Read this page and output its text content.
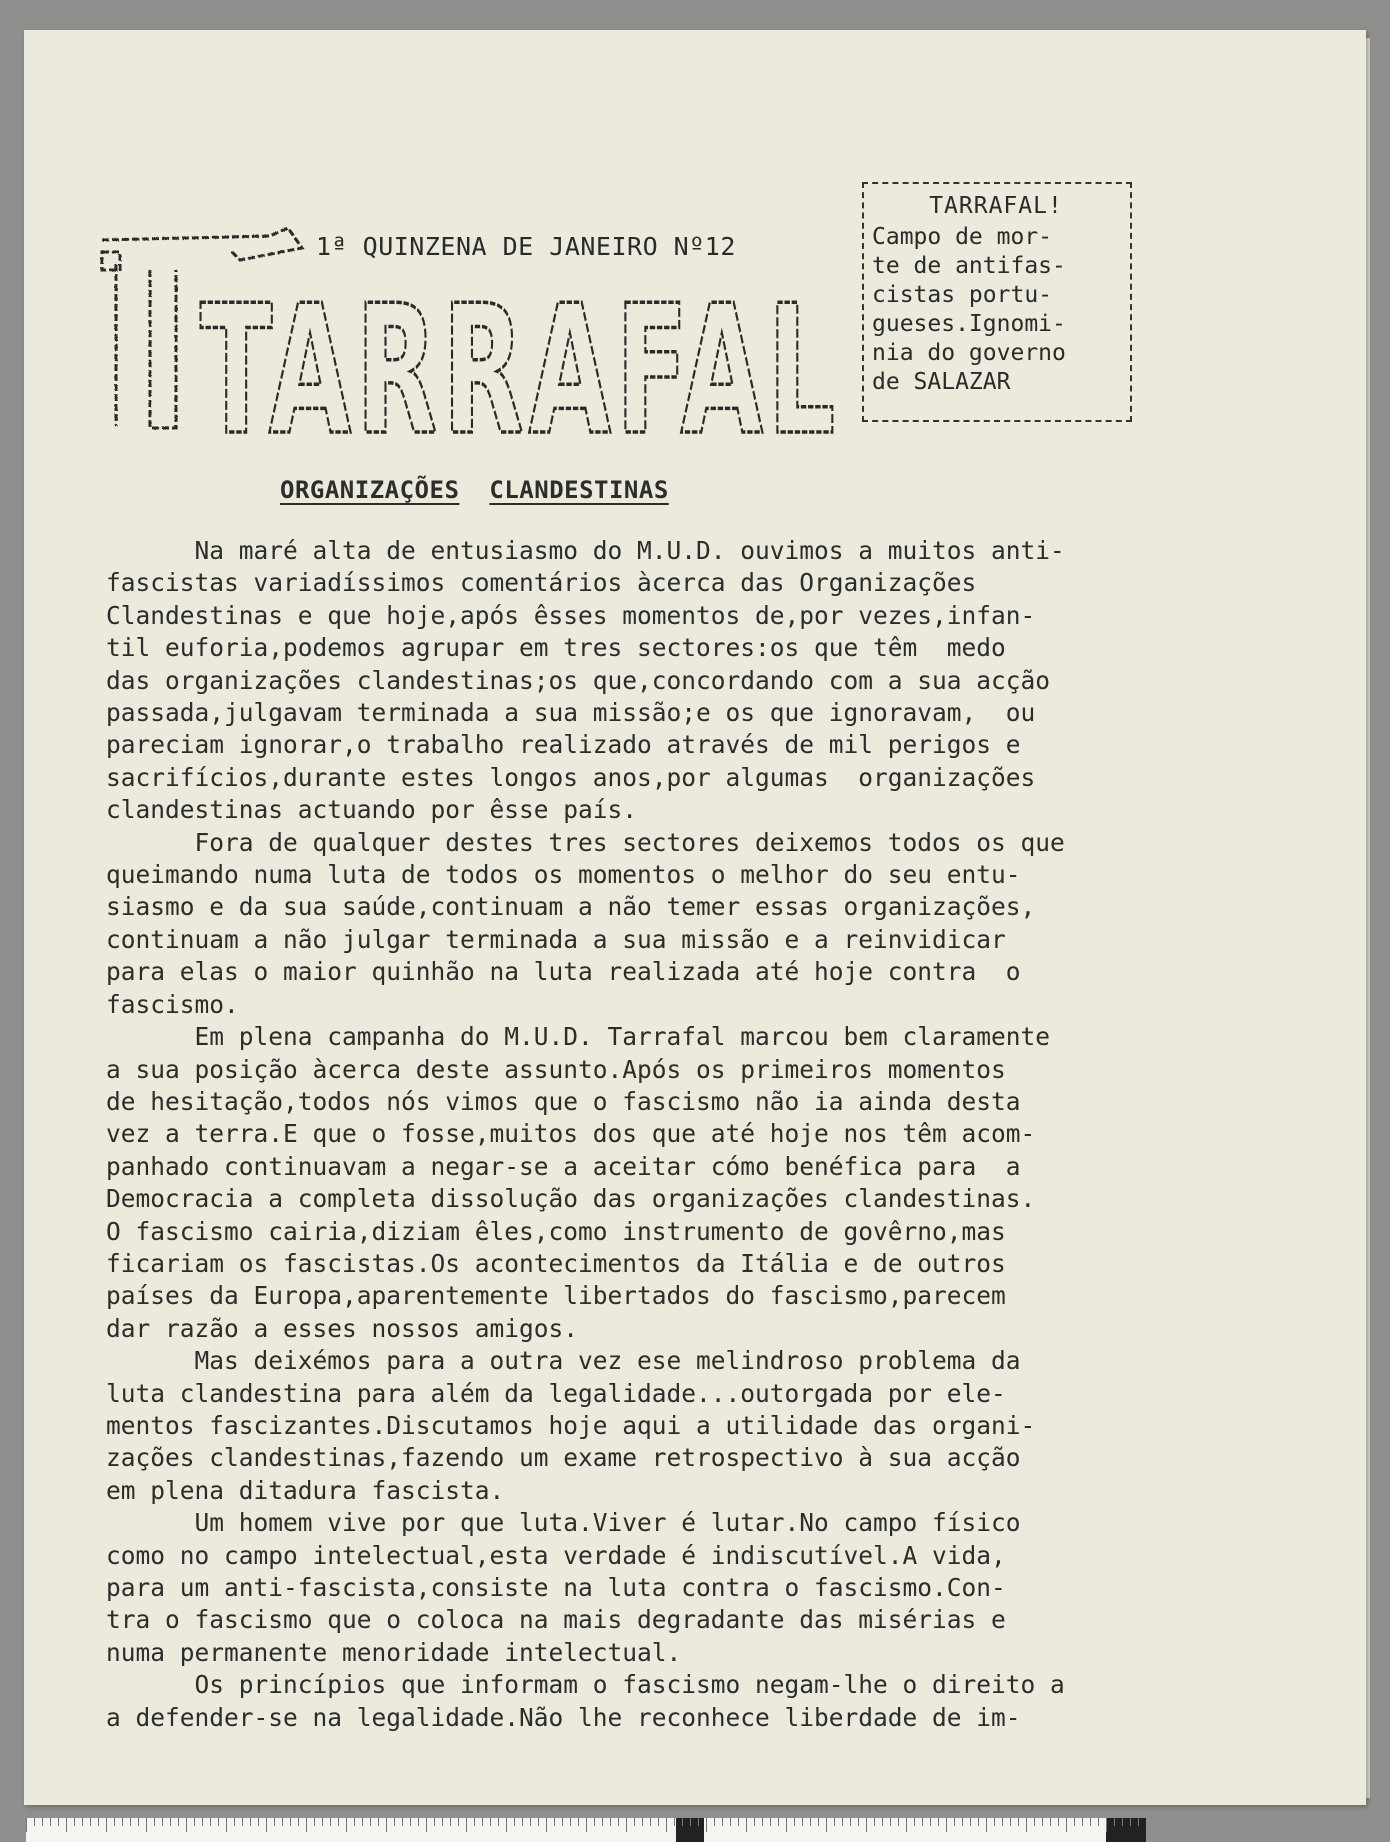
TARRAFAL
1ª QUINZENA DE JANEIRO Nº12
TARRAFAL!
Campo de mor-
te de antifas-
cistas portu-
gueses.Ignomi-
nia do governo
de SALAZAR
ORGANIZAÇÕES CLANDESTINAS
Na maré alta de entusiasmo do M.U.D. ouvimos a muitos anti-
fascistas variadíssimos comentários àcerca das Organizações
Clandestinas e que hoje,após êsses momentos de,por vezes,infan-
til euforia,podemos agrupar em tres sectores:os que têm  medo
das organizações clandestinas;os que,concordando com a sua acção
passada,julgavam terminada a sua missão;e os que ignoravam,  ou
pareciam ignorar,o trabalho realizado através de mil perigos e
sacrifícios,durante estes longos anos,por algumas  organizações
clandestinas actuando por êsse país.
Fora de qualquer destes tres sectores deixemos todos os que
queimando numa luta de todos os momentos o melhor do seu entu-
siasmo e da sua saúde,continuam a não temer essas organizações,
continuam a não julgar terminada a sua missão e a reinvidicar
para elas o maior quinhão na luta realizada até hoje contra  o
fascismo.
Em plena campanha do M.U.D. Tarrafal marcou bem claramente
a sua posição àcerca deste assunto.Após os primeiros momentos
de hesitação,todos nós vimos que o fascismo não ia ainda desta
vez a terra.E que o fosse,muitos dos que até hoje nos têm acom-
panhado continuavam a negar-se a aceitar cómo benéfica para  a
Democracia a completa dissolução das organizações clandestinas.
O fascismo cairia,diziam êles,como instrumento de govêrno,mas
ficariam os fascistas.Os acontecimentos da Itália e de outros
países da Europa,aparentemente libertados do fascismo,parecem
dar razão a esses nossos amigos.
Mas deixémos para a outra vez ese melindroso problema da
luta clandestina para além da legalidade...outorgada por ele-
mentos fascizantes.Discutamos hoje aqui a utilidade das organi-
zações clandestinas,fazendo um exame retrospectivo à sua acção
em plena ditadura fascista.
Um homem vive por que luta.Viver é lutar.No campo físico
como no campo intelectual,esta verdade é indiscutível.A vida,
para um anti-fascista,consiste na luta contra o fascismo.Con-
tra o fascismo que o coloca na mais degradante das misérias e
numa permanente menoridade intelectual.
Os princípios que informam o fascismo negam-lhe o direito a
a defender-se na legalidade.Não lhe reconhece liberdade de im-
